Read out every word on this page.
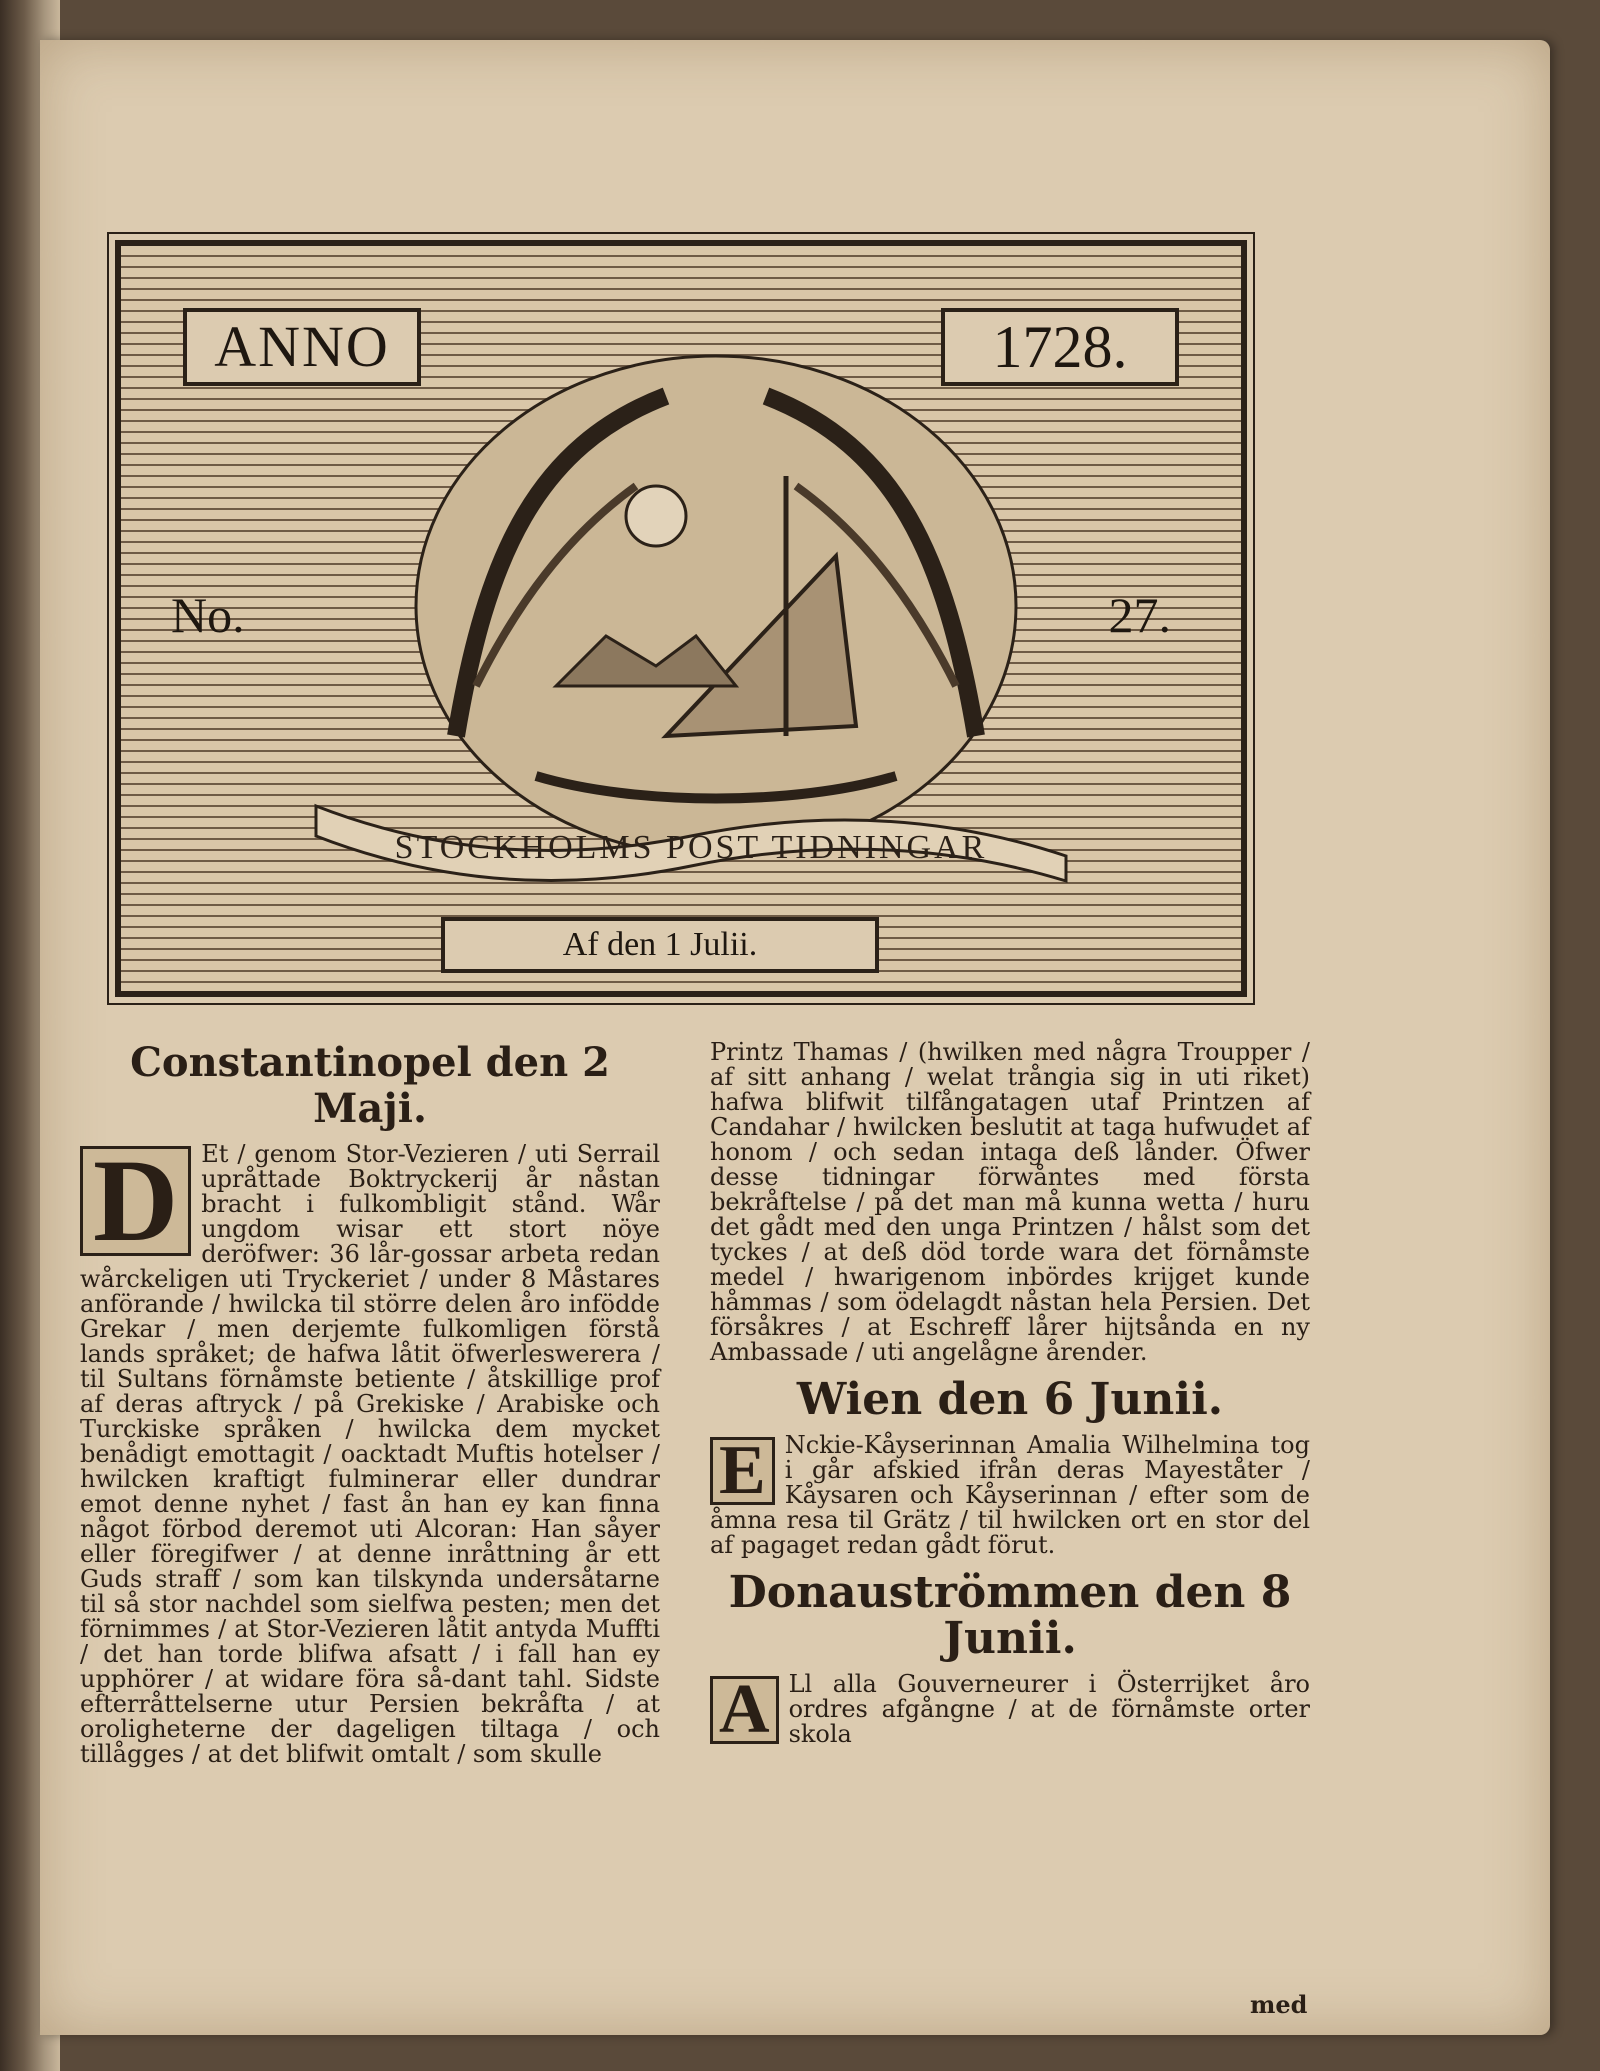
STOCKHOLMS POST TIDNINGAR
ANNO	1728.
No.	27.
Af den 1 Julii.
Constantinopel den 2 Maji.

D Et / genom Stor-Vezieren / uti Serrail upråttade Boktryckerij år nåstan bracht i fulkombligit stånd. Wår ungdom wisar ett stort nöye deröfwer: 36 lår-gossar arbeta redan wårckeligen uti Tryckeriet / under 8 Måstares anförande / hwilcka til större delen åro infödde Grekar / men derjemte fulkomligen förstå lands språket; de hafwa låtit öfwerleswerera / til Sultans förnåmste betiente / åtskillige prof af deras aftryck / på Grekiske / Arabiske och Turckiske språken / hwilcka dem mycket benådigt emottagit / oacktadt Muftis hotelser / hwilcken kraftigt fulminerar eller dundrar emot denne nyhet / fast ån han ey kan finna något förbod deremot uti Alcoran: Han såyer eller föregifwer / at denne inråttning år ett Guds straff / som kan tilskynda undersåtarne til så stor nachdel som sielfwa pesten; men det förnimmes / at Stor-Vezieren låtit antyda Muffti / det han torde blifwa afsatt / i fall han ey upphörer / at widare föra så-dant tahl. Sidste efterråttelserne utur Persien bekråfta / at oroligheterne der dageligen tiltaga / och tillågges / at det blifwit omtalt / som skulle

Printz Thamas / (hwilken med några Troupper / af sitt anhang / welat trångia sig in uti riket) hafwa blifwit tilfångatagen utaf Printzen af Candahar / hwilcken beslutit at taga hufwudet af honom / och sedan intaga deß lånder. Öfwer desse tidningar förwåntes med första bekråftelse / på det man må kunna wetta / huru det gådt med den unga Printzen / hålst som det tyckes / at deß död torde wara det förnåmste medel / hwarigenom inbördes krijget kunde håmmas / som ödelagdt nåstan hela Persien. Det försåkres / at Eschreff lårer hijtsånda en ny Ambassade / uti angelågne årender.

Wien den 6 Junii.

E Nckie-Kåyserinnan Amalia Wilhelmina tog i går afskied ifrån deras Mayeståter / Kåysaren och Kåyserinnan / efter som de åmna resa til Grätz / til hwilcken ort en stor del af pagaget redan gådt förut.

Donauströmmen den 8 Junii.

A Ll alla Gouverneurer i Österrijket åro ordres afgångne / at de förnåmste orter skola

med
